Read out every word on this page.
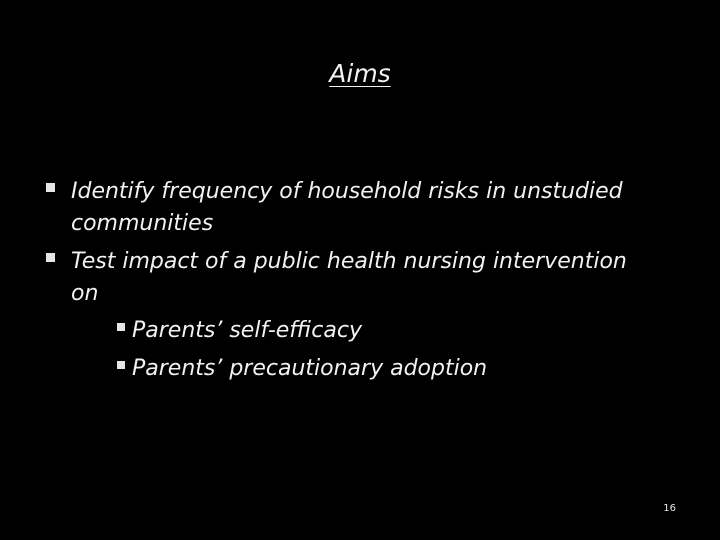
Aims
Identify frequency of household risks in unstudied
communities
Test impact of a public health nursing intervention
on
Parents’ self-efficacy
Parents’ precautionary adoption
16
